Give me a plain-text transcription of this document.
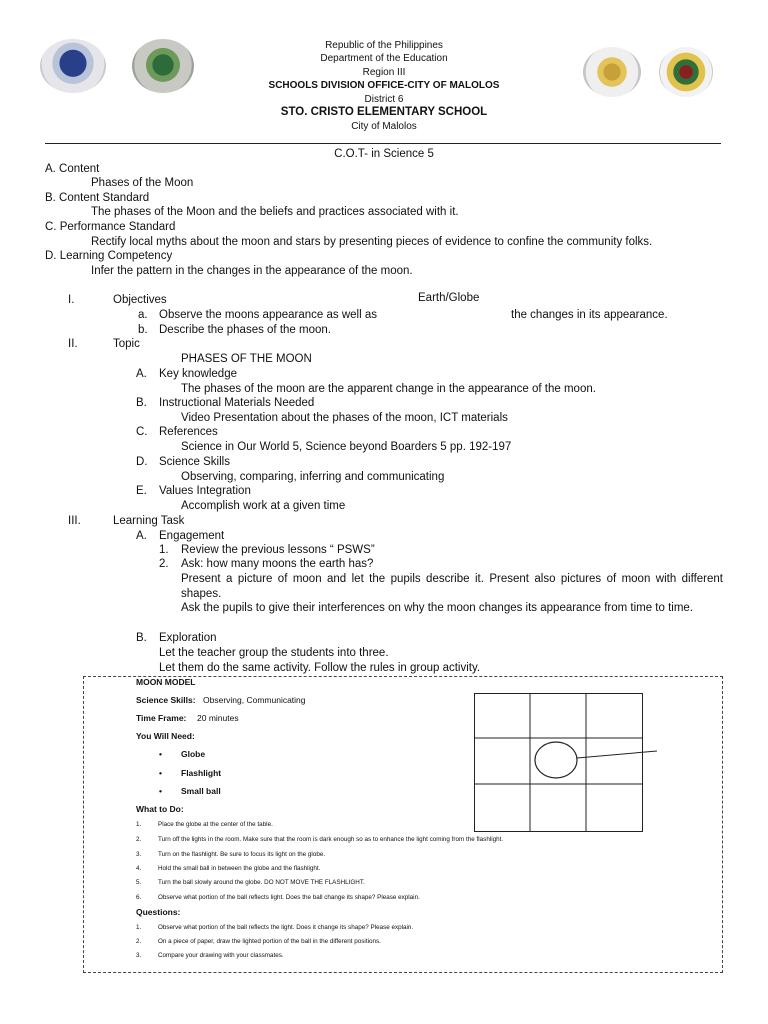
Republic of the Philippines
Department of the Education
Region III
SCHOOLS DIVISION OFFICE-CITY OF MALOLOS
District 6
STO. CRISTO ELEMENTARY SCHOOL
City of Malolos
C.O.T- in Science 5
A. Content
Phases of the Moon
B. Content Standard
The phases of the Moon and the beliefs and practices associated with it.
C. Performance Standard
Rectify local myths about the moon and stars by presenting pieces of evidence to confine the community folks.
D. Learning Competency
Infer the pattern in the changes in the appearance of the moon.
I.	Objectives	Earth/Globe
a. Observe the moons appearance as well as	the changes in its appearance.
b. Describe the phases of the moon.
II.	Topic
PHASES OF THE MOON
A. Key knowledge
The phases of the moon are the apparent change in the appearance of the moon.
B. Instructional Materials Needed
Video Presentation about the phases of the moon, ICT materials
C. References
Science in Our World 5, Science beyond Boarders 5 pp. 192-197
D. Science Skills
Observing, comparing, inferring and communicating
E. Values Integration
Accomplish work at a given time
III.	Learning Task
A. Engagement
1. Review the previous lessons “ PSWS”
2. Ask: how many moons the earth has?
Present a picture of moon and let the pupils describe it. Present also pictures of moon with different shapes.
Ask the pupils to give their interferences on why the moon changes its appearance from time to time.
B. Exploration
Let the teacher group the students into three.
Let them do the same activity. Follow the rules in group activity.
MOON MODEL
Science Skills: Observing, Communicating
Time Frame: 20 minutes
You Will Need:
• Globe
• Flashlight
• Small ball
What to Do:
1.	Place the globe at the center of the table.
2.	Turn off the lights in the room. Make sure that the room is dark enough so as to enhance the light coming from the flashlight.
3.	Turn on the flashlight. Be sure to focus its light on the globe.
4.	Hold the small ball in between the globe and the flashlight.
5.	Turn the ball slowly around the globe. DO NOT MOVE THE FLASHLIGHT.
6.	Observe what portion of the ball reflects light. Does the ball change its shape? Please explain.
Questions:
1.	Observe what portion of the ball reflects the light. Does it change its shape? Please explain.
2.	On a piece of paper, draw the lighted portion of the ball in the different positions.
3.	Compare your drawing with your classmates.
